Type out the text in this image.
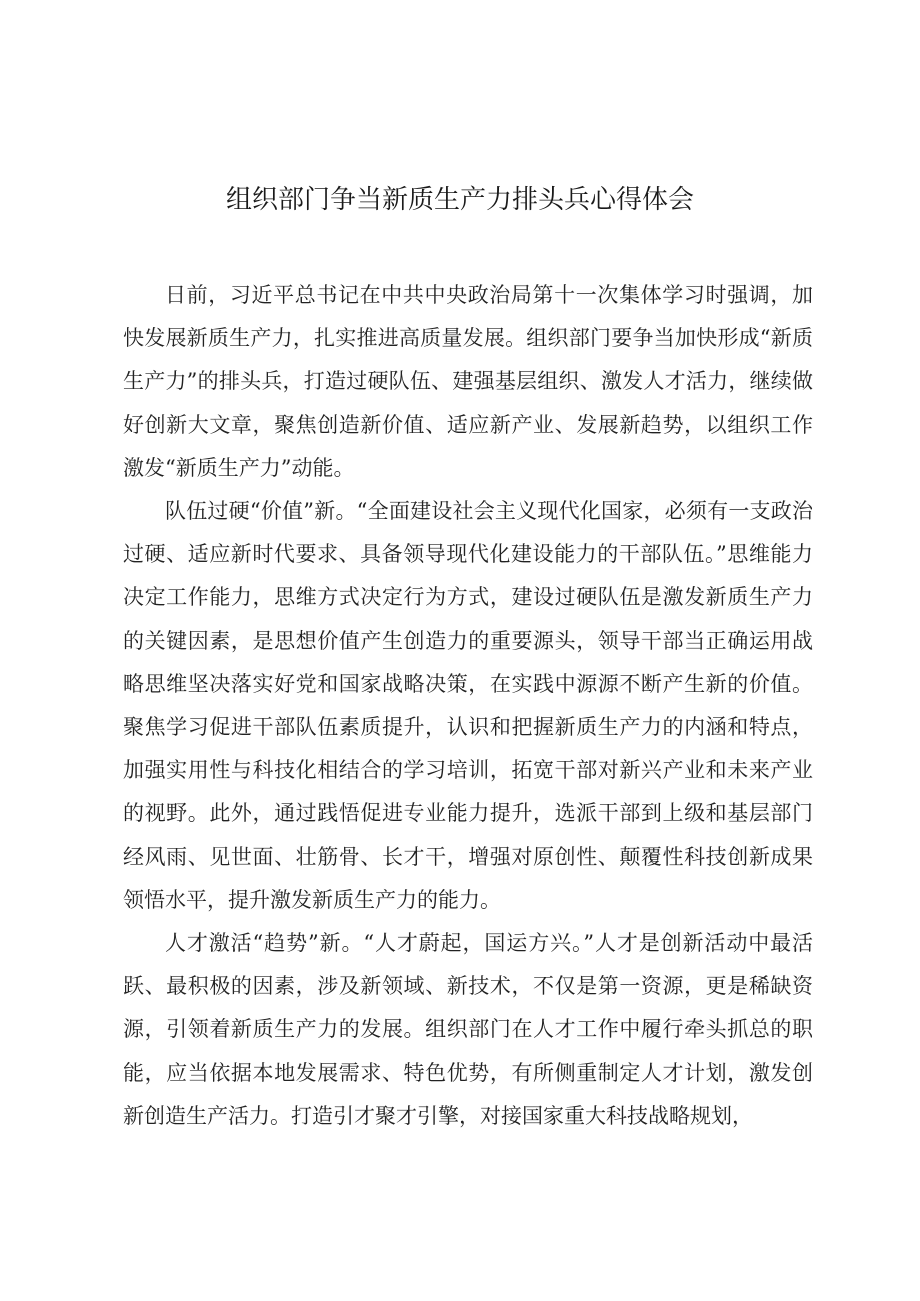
组织部门争当新质生产力排头兵心得体会

日前，习近平总书记在中共中央政治局第十一次集体学习时强调，加快发展新质生产力，扎实推进高质量发展。组织部门要争当加快形成“新质生产力”的排头兵，打造过硬队伍、建强基层组织、激发人才活力，继续做好创新大文章，聚焦创造新价值、适应新产业、发展新趋势，以组织工作激发“新质生产力”动能。

队伍过硬“价值”新。“全面建设社会主义现代化国家，必须有一支政治过硬、适应新时代要求、具备领导现代化建设能力的干部队伍。”思维能力决定工作能力，思维方式决定行为方式，建设过硬队伍是激发新质生产力的关键因素，是思想价值产生创造力的重要源头，领导干部当正确运用战略思维坚决落实好党和国家战略决策，在实践中源源不断产生新的价值。聚焦学习促进干部队伍素质提升，认识和把握新质生产力的内涵和特点，加强实用性与科技化相结合的学习培训，拓宽干部对新兴产业和未来产业的视野。此外，通过践悟促进专业能力提升，选派干部到上级和基层部门经风雨、见世面、壮筋骨、长才干，增强对原创性、颠覆性科技创新成果领悟水平，提升激发新质生产力的能力。

人才激活“趋势”新。“人才蔚起，国运方兴。”人才是创新活动中最活跃、最积极的因素，涉及新领域、新技术，不仅是第一资源，更是稀缺资源，引领着新质生产力的发展。组织部门在人才工作中履行牵头抓总的职能，应当依据本地发展需求、特色优势，有所侧重制定人才计划，激发创新创造生产活力。打造引才聚才引擎，对接国家重大科技战略规划，
